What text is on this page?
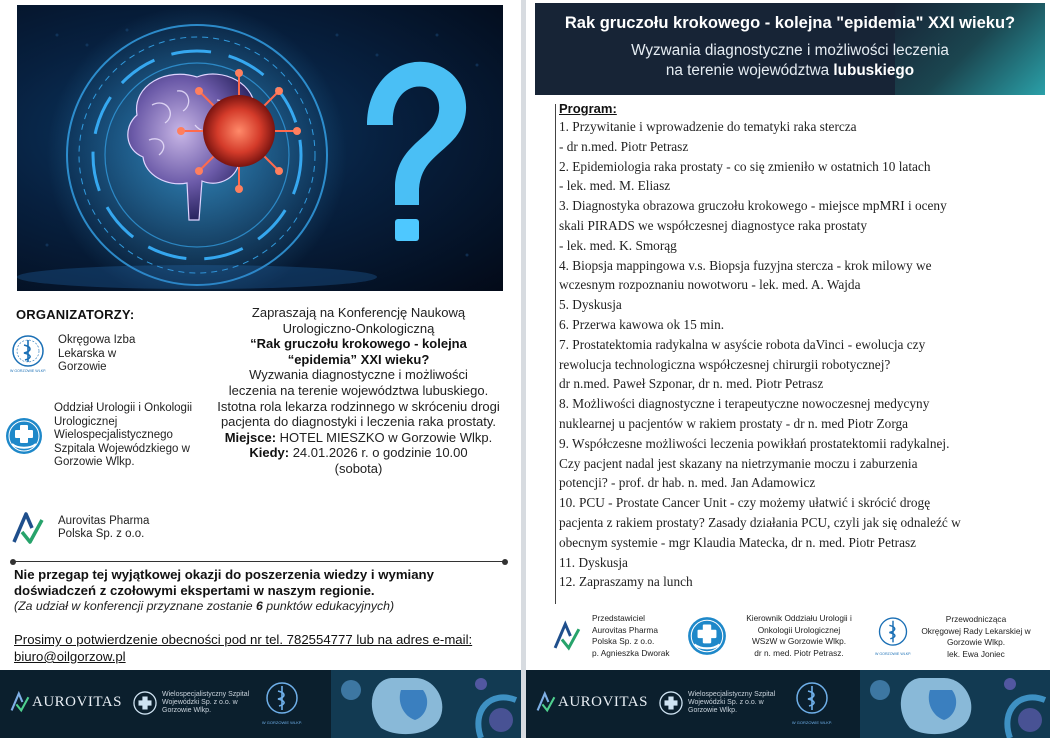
ORGANIZATORZY:
W GORZOWIE WLKP.
Okręgowa Izba Lekarska w Gorzowie
Oddział Urologii i Onkologii Urologicznej Wielospecjalistycznego Szpitala Wojewódzkiego w Gorzowie Wlkp.
Aurovitas Pharma Polska Sp. z o.o.
Zapraszają na Konferencję Naukową Urologiczno-Onkologiczną
“Rak gruczołu krokowego - kolejna “epidemia” XXI wieku?
Wyzwania diagnostyczne i możliwości leczenia na terenie województwa lubuskiego.
Istotna rola lekarza rodzinnego w skróceniu drogi pacjenta do diagnostyki i leczenia raka prostaty.
Miejsce: HOTEL MIESZKO w Gorzowie Wlkp.
Kiedy: 24.01.2026 r. o godzinie 10.00
(sobota)
Nie przegap tej wyjątkowej okazji do poszerzenia wiedzy i wymiany doświadczeń z czołowymi ekspertami w naszym regionie.
(Za udział w konferencji przyznane zostanie 6 punktów edukacyjnych)
Prosimy o potwierdzenie obecności pod nr tel. 782554777 lub na adres e-mail: biuro@oilgorzow.pl
AUROVITAS	Wielospecjalistyczny Szpital Wojewódzki Sp. z o.o. w Gorzowie Wlkp.
W GORZOWIE WLKP.
Rak gruczołu krokowego - kolejna "epidemia" XXI wieku?
Wyzwania diagnostyczne i możliwości leczenia
na terenie województwa lubuskiego
Program:
1. Przywitanie i wprowadzenie do tematyki raka stercza
- dr n.med. Piotr Petrasz
2. Epidemiologia raka prostaty - co się zmieniło w ostatnich 10 latach
- lek. med. M. Eliasz
3. Diagnostyka obrazowa gruczołu krokowego - miejsce mpMRI i oceny
skali PIRADS we współczesnej diagnostyce raka prostaty
- lek. med. K. Smorąg
4. Biopsja mappingowa v.s. Biopsja fuzyjna stercza - krok milowy we
wczesnym rozpoznaniu nowotworu - lek. med. A. Wajda
5. Dyskusja
6. Przerwa kawowa ok 15 min.
7. Prostatektomia radykalna w asyście robota daVinci - ewolucja czy
rewolucja technologiczna współczesnej chirurgii robotycznej?
dr n.med. Paweł Szponar, dr n. med. Piotr Petrasz
8. Możliwości diagnostyczne i terapeutyczne nowoczesnej medycyny
nuklearnej u pacjentów w rakiem prostaty - dr n. med Piotr Zorga
9. Współczesne możliwości leczenia powikłań prostatektomii radykalnej.
Czy pacjent nadal jest skazany na nietrzymanie moczu i zaburzenia
potencji? - prof. dr hab. n. med. Jan Adamowicz
10. PCU - Prostate Cancer Unit - czy możemy ułatwić i skrócić drogę
pacjenta z rakiem prostaty? Zasady działania PCU, czyli jak się odnaleźć w
obecnym systemie - mgr Klaudia Matecka, dr n. med. Piotr Petrasz
11. Dyskusja
12. Zapraszamy na lunch
Przedstawiciel
Aurovitas Pharma
Polska Sp. z o.o.
p. Agnieszka Dworak
Kierownik Oddziału Urologii i
Onkologii Urologicznej
WSzW w Gorzowie Wlkp.
dr n. med. Piotr Petrasz.	W GORZOWIE WLKP.
Przewodnicząca
Okręgowej Rady Lekarskiej w
Gorzowie Wlkp.
lek. Ewa Joniec
AUROVITAS	Wielospecjalistyczny Szpital Wojewódzki Sp. z o.o. w Gorzowie Wlkp.
W GORZOWIE WLKP.
